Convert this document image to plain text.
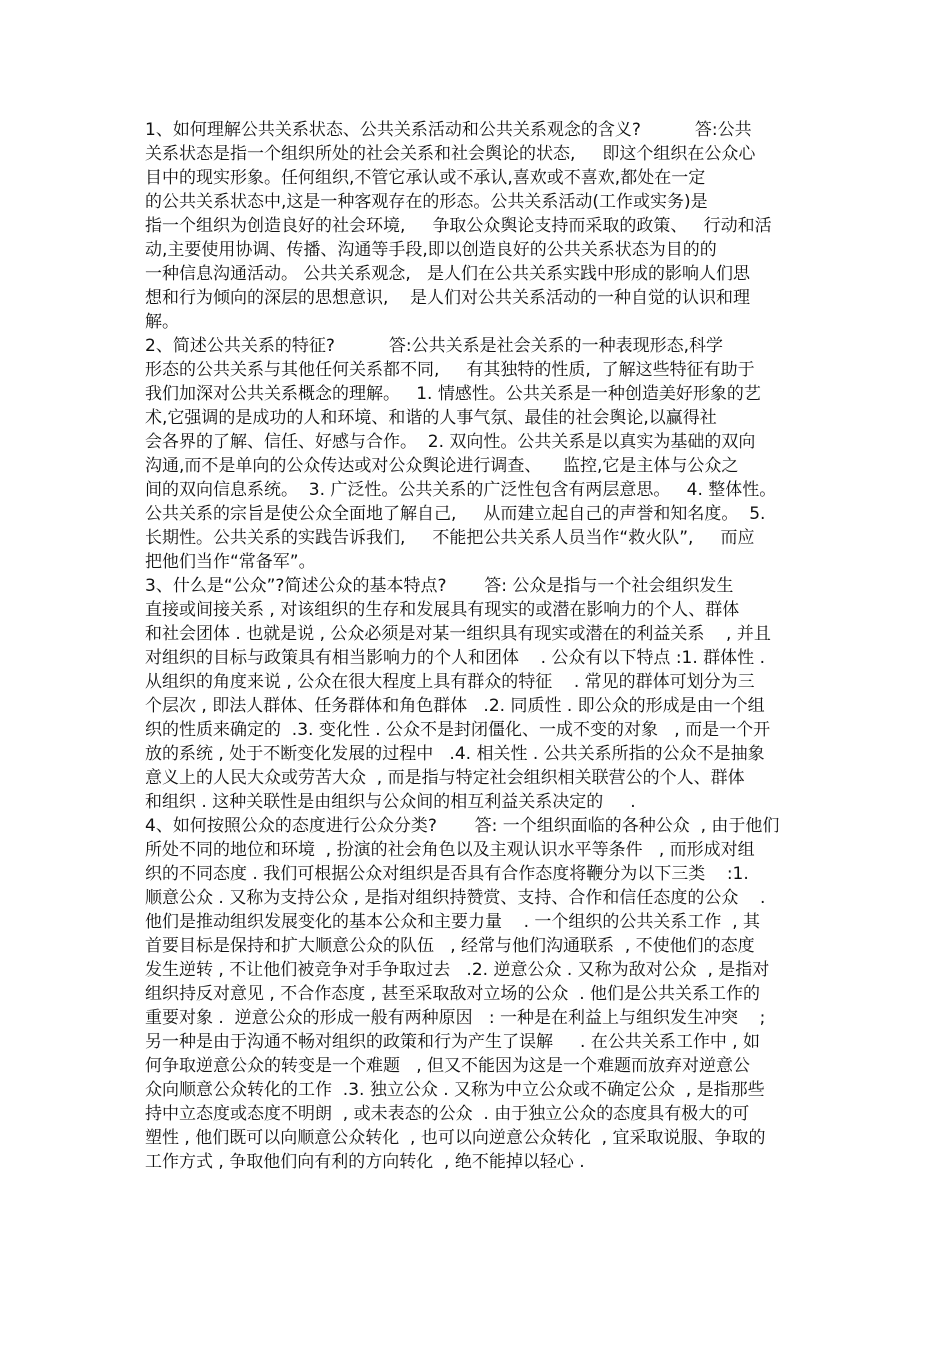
1、如何理解公共关系状态、公共关系活动和公共关系观念的含义?          答:公共

关系状态是指一个组织所处的社会关系和社会舆论的状态,     即这个组织在公众心

目中的现实形象。任何组织,不管它承认或不承认,喜欢或不喜欢,都处在一定

的公共关系状态中,这是一种客观存在的形态。公共关系活动(工作或实务)是

指一个组织为创造良好的社会环境,     争取公众舆论支持而采取的政策、   行动和活

动,主要使用协调、传播、沟通等手段,即以创造良好的公共关系状态为目的的

一种信息沟通活动。 公共关系观念,   是人们在公共关系实践中形成的影响人们思

想和行为倾向的深层的思想意识,    是人们对公共关系活动的一种自觉的认识和理

解。

2、简述公共关系的特征?          答:公共关系是社会关系的一种表现形态,科学

形态的公共关系与其他任何关系都不同,     有其独特的性质,  了解这些特征有助于

我们加深对公共关系概念的理解。   1. 情感性。公共关系是一种创造美好形象的艺

术,它强调的是成功的人和环境、和谐的人事气氛、最佳的社会舆论,以赢得社

会各界的了解、信任、好感与合作。  2. 双向性。公共关系是以真实为基础的双向

沟通,而不是单向的公众传达或对公众舆论进行调查、    监控,它是主体与公众之

间的双向信息系统。  3. 广泛性。公共关系的广泛性包含有两层意思。   4. 整体性。

公共关系的宗旨是使公众全面地了解自己,     从而建立起自己的声誉和知名度。  5.

长期性。公共关系的实践告诉我们,     不能把公共关系人员当作“救火队”,     而应

把他们当作“常备军”。

3、什么是“公众”?简述公众的基本特点?       答: 公众是指与一个社会组织发生

直接或间接关系 , 对该组织的生存和发展具有现实的或潜在影响力的个人、群体

和社会团体 . 也就是说 , 公众必须是对某一组织具有现实或潜在的利益关系    , 并且

对组织的目标与政策具有相当影响力的个人和团体    . 公众有以下特点 :1. 群体性 .

从组织的角度来说 , 公众在很大程度上具有群众的特征    . 常见的群体可划分为三

个层次 , 即法人群体、任务群体和角色群体   .2. 同质性 . 即公众的形成是由一个组

织的性质来确定的  .3. 变化性 . 公众不是封闭僵化、一成不变的对象   , 而是一个开

放的系统 , 处于不断变化发展的过程中   .4. 相关性 . 公共关系所指的公众不是抽象

意义上的人民大众或劳苦大众  , 而是指与特定社会组织相关联营公的个人、群体

和组织 . 这种关联性是由组织与公众间的相互利益关系决定的     .

4、如何按照公众的态度进行公众分类?       答: 一个组织面临的各种公众  , 由于他们

所处不同的地位和环境  , 扮演的社会角色以及主观认识水平等条件   , 而形成对组

织的不同态度 . 我们可根据公众对组织是否具有合作态度将鞭分为以下三类    :1.

顺意公众 . 又称为支持公众 , 是指对组织持赞赏、支持、合作和信任态度的公众    .

他们是推动组织发展变化的基本公众和主要力量    . 一个组织的公共关系工作  , 其

首要目标是保持和扩大顺意公众的队伍   , 经常与他们沟通联系  , 不使他们的态度

发生逆转 , 不让他们被竞争对手争取过去   .2. 逆意公众 . 又称为敌对公众  , 是指对

组织持反对意见 , 不合作态度 , 甚至采取敌对立场的公众  . 他们是公共关系工作的

重要对象 .  逆意公众的形成一般有两种原因   : 一种是在利益上与组织发生冲突    ;

另一种是由于沟通不畅对组织的政策和行为产生了误解     . 在公共关系工作中 , 如

何争取逆意公众的转变是一个难题   , 但又不能因为这是一个难题而放弃对逆意公

众向顺意公众转化的工作  .3. 独立公众 . 又称为中立公众或不确定公众  , 是指那些

持中立态度或态度不明朗  , 或未表态的公众  . 由于独立公众的态度具有极大的可

塑性 , 他们既可以向顺意公众转化  , 也可以向逆意公众转化  , 宜采取说服、争取的

工作方式 , 争取他们向有利的方向转化  , 绝不能掉以轻心 .
